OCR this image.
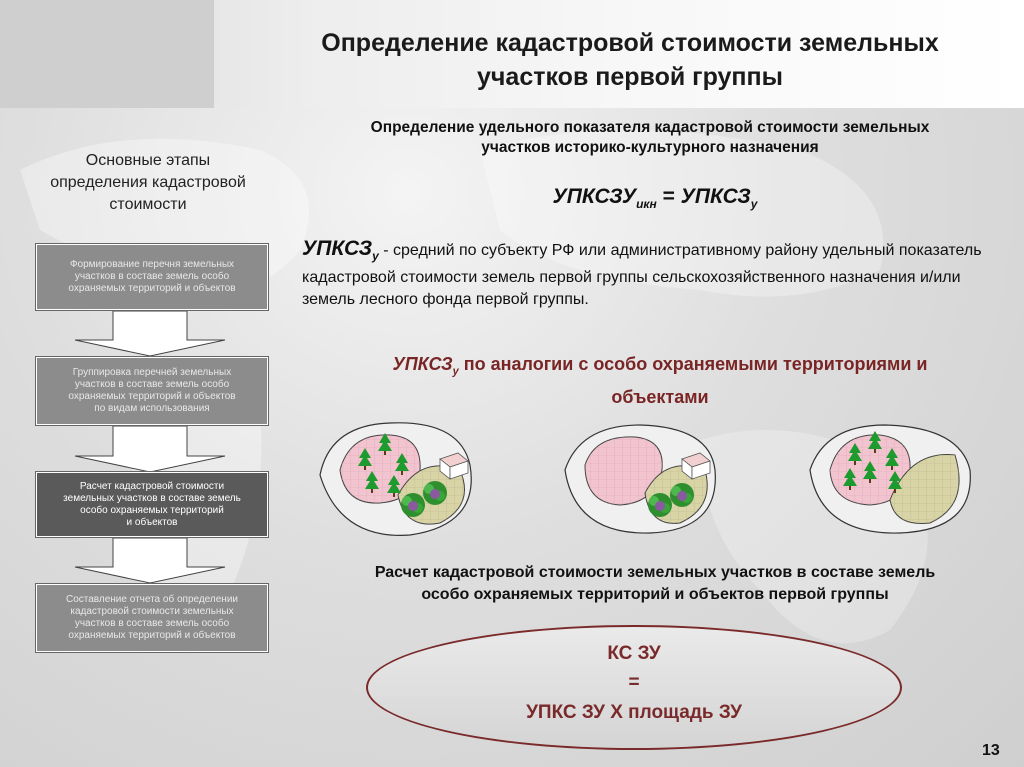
Определение кадастровой стоимости земельных
участков первой группы
Основные этапы
определения кадастровой
стоимости
Формирование перечня земельных
участков в составе земель особо
охраняемых территорий и объектов
Группировка перечней земельных
участков в составе земель особо
охраняемых территорий и объектов
по видам использования
Расчет кадастровой стоимости
земельных участков в составе земель
особо охраняемых территорий
и объектов
Составление отчета об определении
кадастровой стоимости земельных
участков в составе земель особо
охраняемых территорий и объектов
Определение удельного показателя кадастровой стоимости земельных
участков историко-культурного назначения
$УПКСЗУ_{икн}$ = $УПКСЗ_у$
$УПКСЗ_у$ - средний по субъекту РФ или административному району удельный показатель кадастровой стоимости земель первой группы сельскохозяйственного назначения и/или земель лесного фонда первой группы.
$УПКСЗ_у$ по аналогии с особо охраняемыми территориями и
объектами
Расчет кадастровой стоимости земельных участков в составе земель
особо охраняемых территорий и объектов первой группы
КС ЗУ
=
УПКС ЗУ Х площадь ЗУ
13
